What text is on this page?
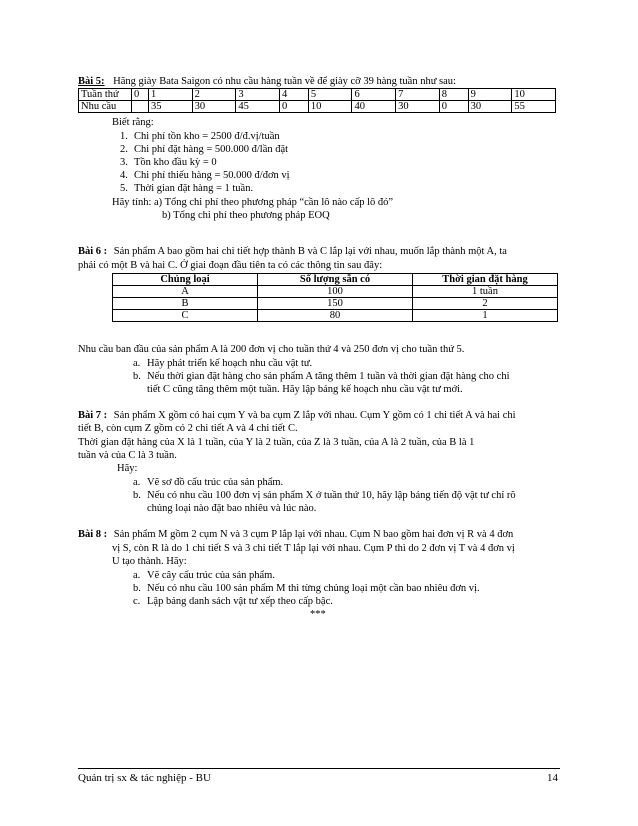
Bài 5: Hãng giày Bata Saigon có nhu cầu hàng tuần về để giày cỡ 39 hàng tuần như sau:
Tuần thứ	0	1	2	3	4	5	6	7	8	9	10
Nhu cầu		35	30	45	0	10	40	30	0	30	55
Biết rằng:
1. Chi phí tồn kho = 2500 đ/đ.vị/tuần
2. Chi phí đặt hàng = 500.000 đ/lần đặt
3. Tồn kho đầu kỳ = 0
4. Chi phí thiếu hàng = 50.000 đ/đơn vị
5. Thời gian đặt hàng = 1 tuần.
Hãy tính: a) Tổng chi phí theo phương pháp “cần lô nào cấp lô đó”
b) Tổng chi phí theo phương pháp EOQ
Bài 6 : Sản phẩm A bao gồm hai chi tiết hợp thành B và C lắp lại với nhau, muốn lắp thành một A, ta
phải có một B và hai C. Ở giai đoạn đầu tiên ta có các thông tin sau đây:
Chủng loại	Số lượng sẵn có	Thời gian đặt hàng
A	100	1 tuần
B	150	2
C	80	1
Nhu cầu ban đầu của sản phẩm A là 200 đơn vị cho tuần thứ 4 và 250 đơn vị cho tuần thứ 5.
a. Hãy phát triển kế hoạch nhu cầu vật tư.
b. Nếu thời gian đặt hàng cho sản phẩm A tăng thêm 1 tuần và thời gian đặt hàng cho chi
tiết C cũng tăng thêm một tuần. Hãy lập bảng kế hoạch nhu cầu vật tư mới.
Bài 7 : Sản phẩm X gồm có hai cụm Y và ba cụm Z lắp với nhau. Cụm Y gồm có 1 chi tiết A và hai chi
tiết B, còn cụm Z gồm có 2 chi tiết A và 4 chi tiết C.
Thời gian đặt hàng của X là 1 tuần, của Y là 2 tuần, của Z là 3 tuần, của A là 2 tuần, của B là 1
tuần và của C là 3 tuần.
Hãy:
a. Vẽ sơ đồ cấu trúc của sản phẩm.
b. Nếu có nhu cầu 100 đơn vị sản phẩm X ở tuần thứ 10, hãy lập bảng tiến độ vật tư chỉ rõ
chủng loại nào đặt bao nhiêu và lúc nào.
Bài 8 : Sản phẩm M gồm 2 cụm N và 3 cụm P lắp lại với nhau. Cụm N bao gồm hai đơn vị R và 4 đơn
vị S, còn R là do 1 chi tiết S và 3 chi tiết T lắp lại với nhau. Cụm P thì do 2 đơn vị T và 4 đơn vị
U tạo thành. Hãy:
a. Vẽ cây cấu trúc của sản phẩm.
b. Nếu có nhu cầu 100 sản phẩm M thì từng chủng loại một cần bao nhiêu đơn vị.
c. Lập bảng danh sách vật tư xếp theo cấp bậc.
***
Quản trị sx & tác nghiệp - BU	14
